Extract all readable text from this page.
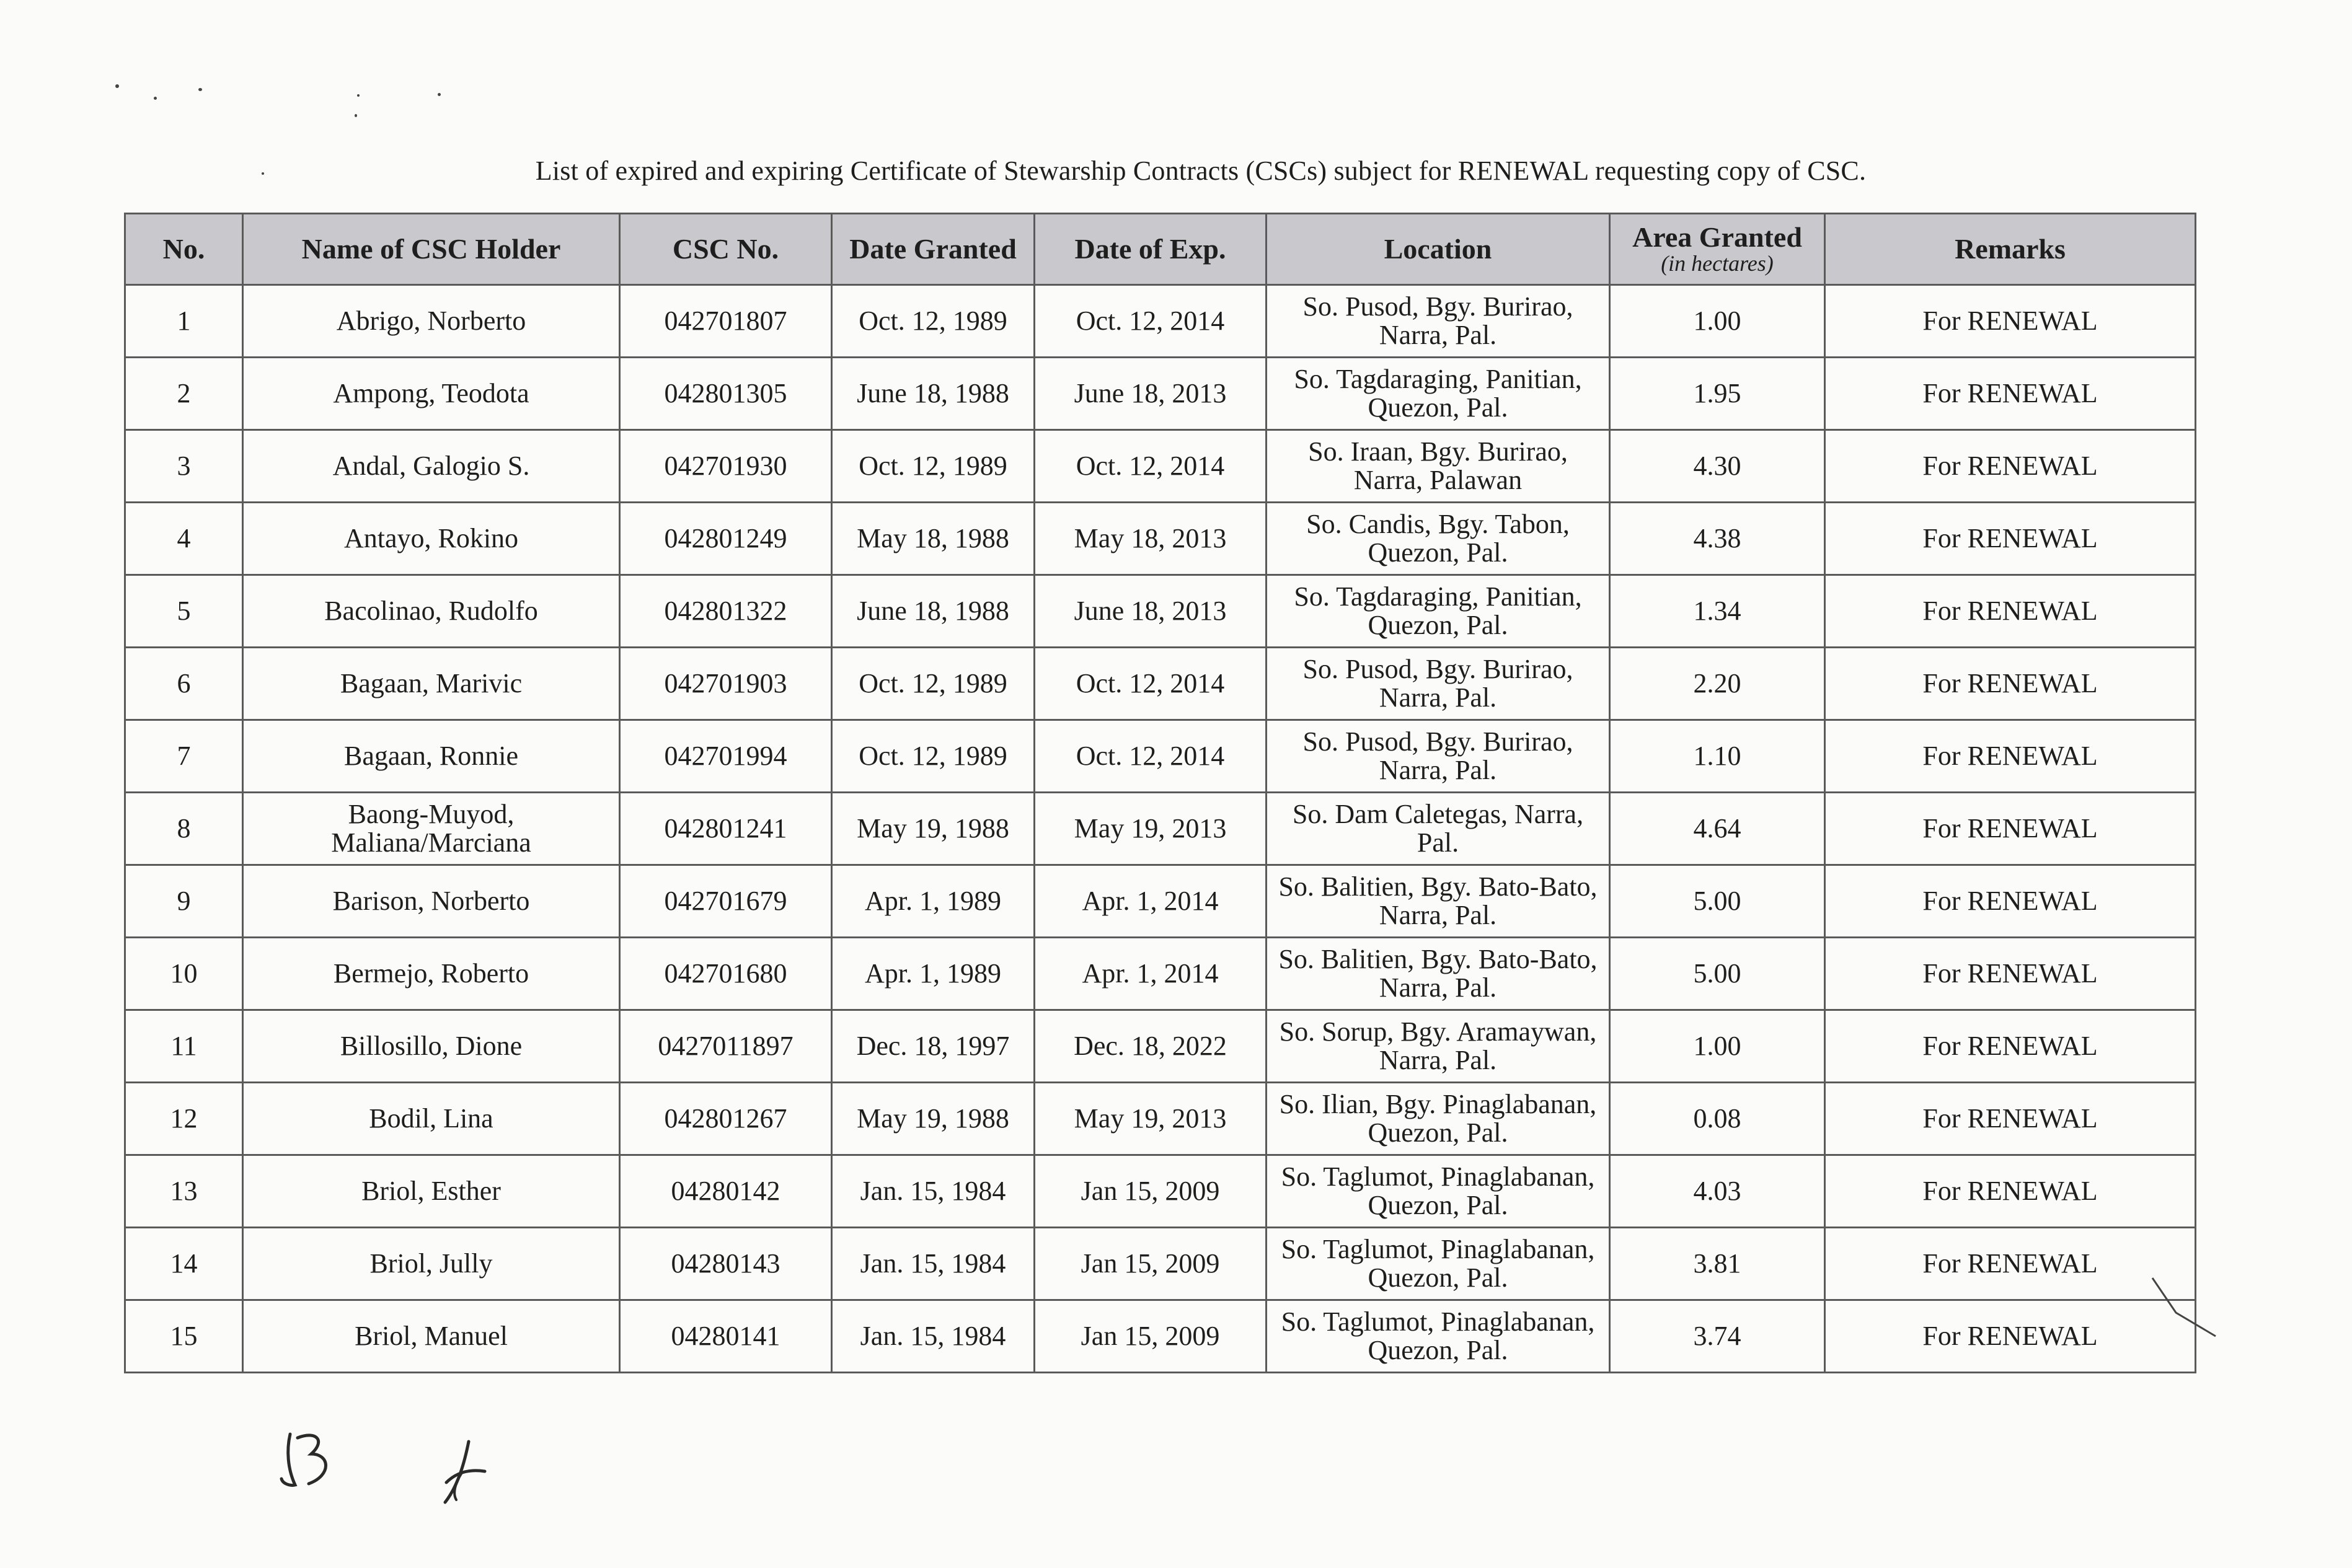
List of expired and expiring Certificate of Stewarship Contracts (CSCs) subject for RENEWAL requesting copy of CSC.
No.	Name of CSC Holder	CSC No.	Date Granted	Date of Exp.	Location	Area Granted
(in hectares)	Remarks
1	Abrigo, Norberto	042701807	Oct. 12, 1989	Oct. 12, 2014	So. Pusod, Bgy. Burirao,
Narra, Pal.	1.00	For RENEWAL
2	Ampong, Teodota	042801305	June 18, 1988	June 18, 2013	So. Tagdaraging, Panitian,
Quezon, Pal.	1.95	For RENEWAL
3	Andal, Galogio S.	042701930	Oct. 12, 1989	Oct. 12, 2014	So. Iraan, Bgy. Burirao,
Narra, Palawan	4.30	For RENEWAL
4	Antayo, Rokino	042801249	May 18, 1988	May 18, 2013	So. Candis, Bgy. Tabon,
Quezon, Pal.	4.38	For RENEWAL
5	Bacolinao, Rudolfo	042801322	June 18, 1988	June 18, 2013	So. Tagdaraging, Panitian,
Quezon, Pal.	1.34	For RENEWAL
6	Bagaan, Marivic	042701903	Oct. 12, 1989	Oct. 12, 2014	So. Pusod, Bgy. Burirao,
Narra, Pal.	2.20	For RENEWAL
7	Bagaan, Ronnie	042701994	Oct. 12, 1989	Oct. 12, 2014	So. Pusod, Bgy. Burirao,
Narra, Pal.	1.10	For RENEWAL
8	Baong-Muyod, Maliana/Marciana	042801241	May 19, 1988	May 19, 2013	So. Dam Caletegas, Narra,
Pal.	4.64	For RENEWAL
9	Barison, Norberto	042701679	Apr. 1, 1989	Apr. 1, 2014	So. Balitien, Bgy. Bato-Bato,
Narra, Pal.	5.00	For RENEWAL
10	Bermejo, Roberto	042701680	Apr. 1, 1989	Apr. 1, 2014	So. Balitien, Bgy. Bato-Bato,
Narra, Pal.	5.00	For RENEWAL
11	Billosillo, Dione	0427011897	Dec. 18, 1997	Dec. 18, 2022	So. Sorup, Bgy. Aramaywan,
Narra, Pal.	1.00	For RENEWAL
12	Bodil, Lina	042801267	May 19, 1988	May 19, 2013	So. Ilian, Bgy. Pinaglabanan,
Quezon, Pal.	0.08	For RENEWAL
13	Briol, Esther	04280142	Jan. 15, 1984	Jan 15, 2009	So. Taglumot, Pinaglabanan,
Quezon, Pal.	4.03	For RENEWAL
14	Briol, Jully	04280143	Jan. 15, 1984	Jan 15, 2009	So. Taglumot, Pinaglabanan,
Quezon, Pal.	3.81	For RENEWAL
15	Briol, Manuel	04280141	Jan. 15, 1984	Jan 15, 2009	So. Taglumot, Pinaglabanan,
Quezon, Pal.	3.74	For RENEWAL
